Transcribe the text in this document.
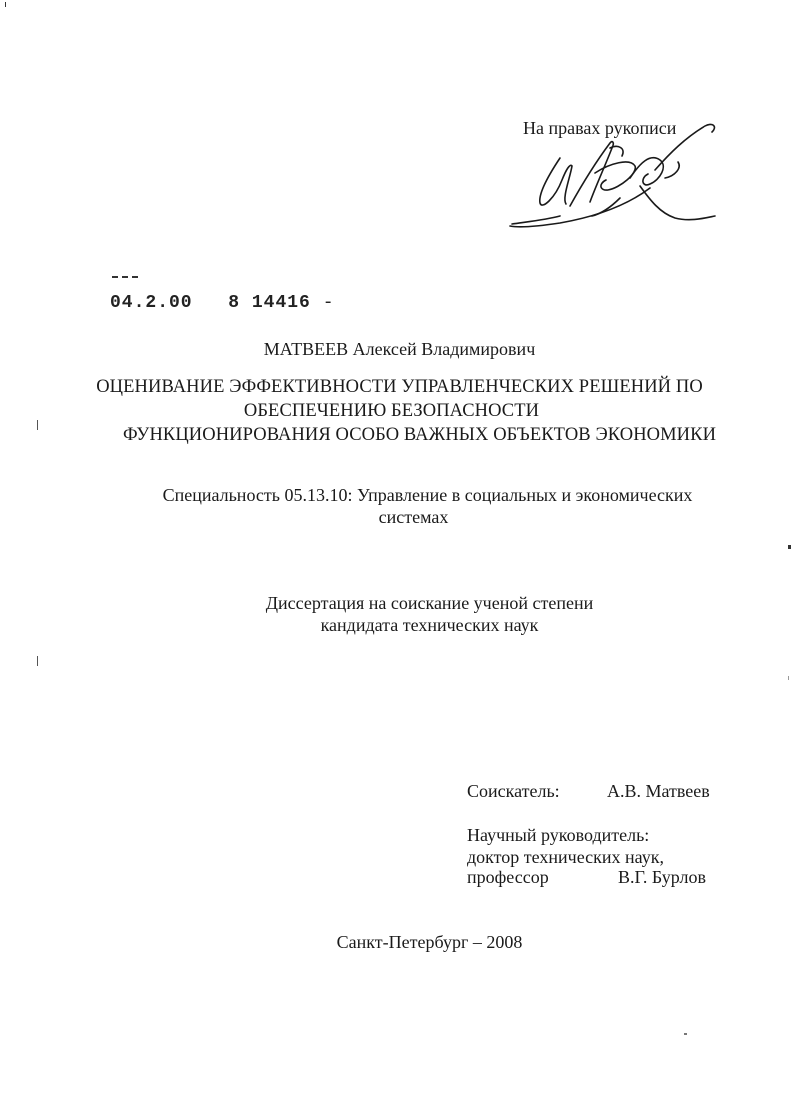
На правах рукописи
04.2.00 8 14416 -
МАТВЕЕВ Алексей Владимирович
ОЦЕНИВАНИЕ ЭФФЕКТИВНОСТИ УПРАВЛЕНЧЕСКИХ РЕШЕНИЙ ПО
ОБЕСПЕЧЕНИЮ БЕЗОПАСНОСТИ
ФУНКЦИОНИРОВАНИЯ ОСОБО ВАЖНЫХ ОБЪЕКТОВ ЭКОНОМИКИ
Специальность 05.13.10: Управление в социальных и экономических
системах
Диссертация на соискание ученой степени
кандидата технических наук
Соискатель:	А.В. Матвеев
Научный руководитель:
доктор технических наук,
профессор	В.Г. Бурлов
Санкт-Петербург – 2008
